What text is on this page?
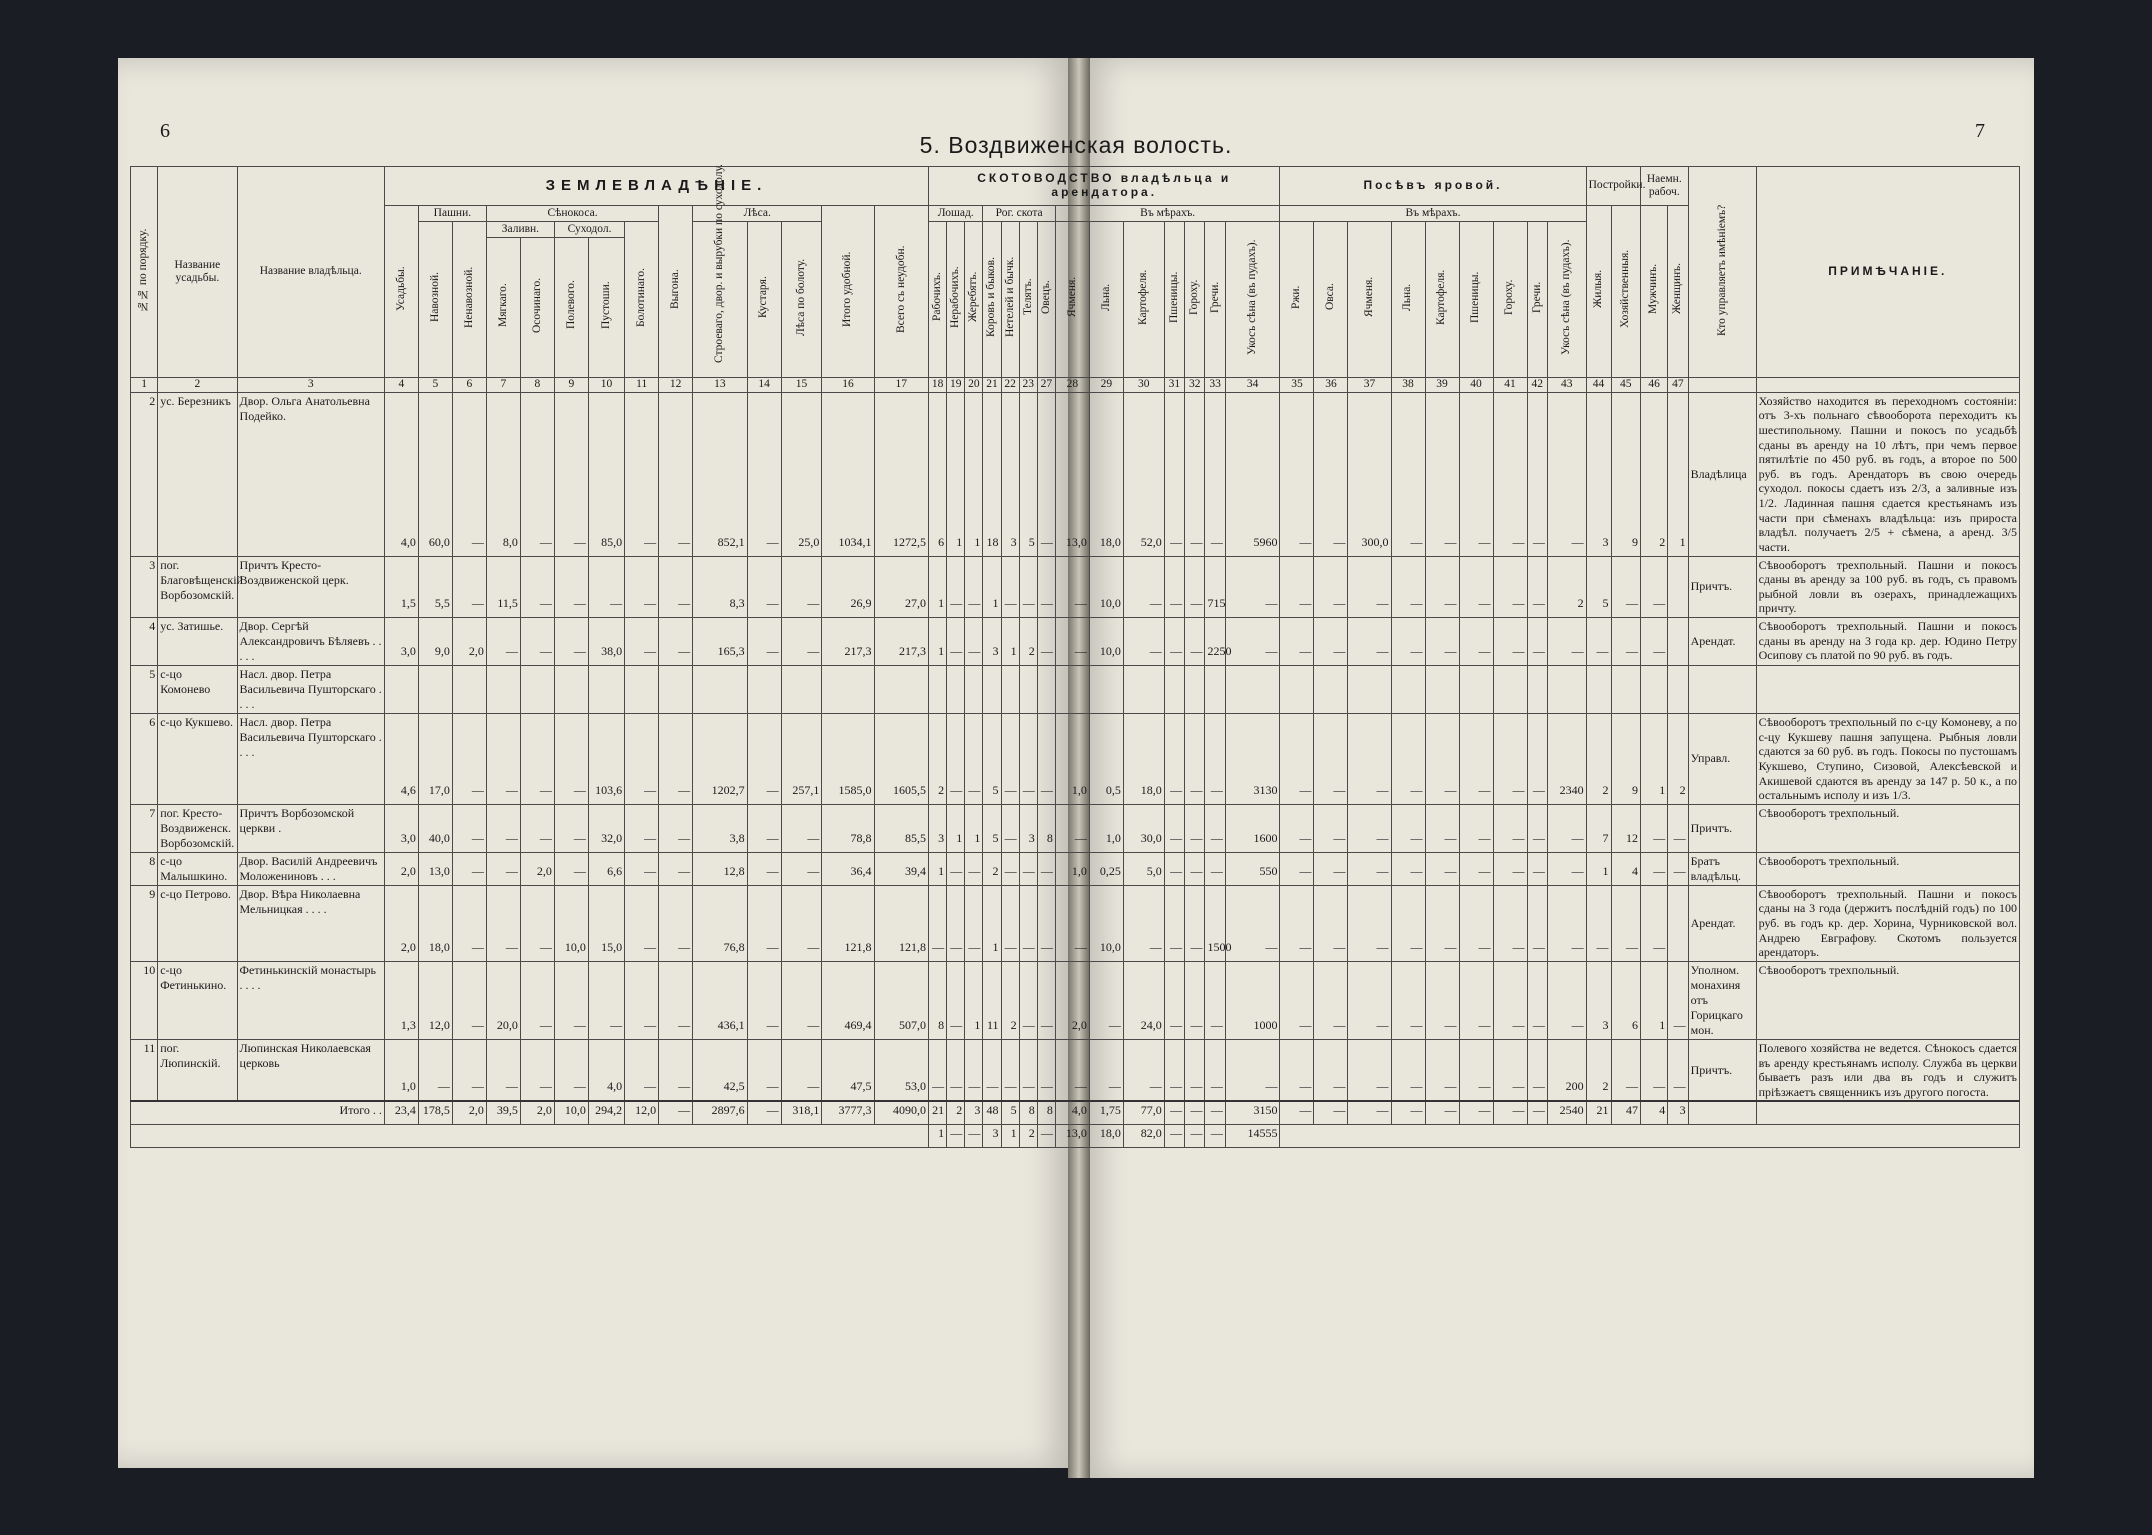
6	7
5. Воздвиженская волость.
№№ по порядку.	Название усадьбы.	Название владѣльца.	ЗЕМЛЕВЛАДѢНІЕ.														СКОТОВОДСТВО владѣльца и арендатора.														Посѣвъ яровой.									Постройки.		Наемн. рабоч.		Кто управляетъ имѣніемъ?	ПРИМѢЧАНІЕ.
			Усадьбы.	Пашни.		Сѣнокоса.					Выгона.	Лѣса.			Итого удобной.	Всего съ неудобн.	Лошад.			Рог. скота				Въ мѣрахъ.							Въ мѣрахъ.									Жилыя.	Хозяйственныя.	Мужчинъ.	Женщинъ.		
				Навозной.	Ненавозной.	Заливн.		Суходол.		Болотинаго.		Строеваго, двор. и вырубки по суходолу.	Кустаря.	Лѣса по болоту.			Рабочихъ.	Нерабочихъ.	Жеребятъ.	Коровъ и быков.	Нетелей и бычк.	Телятъ.	Овецъ.	Ячменя.	Льна.	Картофеля.	Пшеницы.	Гороху.	Гречи.	Укосъ сѣна (въ пудахъ).	Ржи.	Овса.	Ячменя.	Льна.	Картофеля.	Пшеницы.	Гороху.	Гречи.	Укосъ сѣна (въ пудахъ).						
						Мягкаго.	Осочинаго.	Полевого.	Пустоши.																																				
1	2	3	4	5	6	7	8	9	10	11	12	13	14	15	16	17	18	19	20	21	22	23	27	28	29	30	31	32	33	34	35	36	37	38	39	40	41	42	43	44	45	46	47		
2	ус. Березникъ	Двор. Ольга Анатольевна Подейко.	4,0	60,0	—	8,0	—	—	85,0	—	—	852,1	—	25,0	1034,1	1272,5	6	1	1	18	3	5	—	13,0	18,0	52,0	—	—	—	5960	—	—	300,0	—	—	—	—	—	—	3	9	2	1	Владѣлица	Хозяйство находится въ переходномъ состояніи: отъ 3-хъ польнаго сѣвооборота переходитъ къ шестипольному. Пашни и покосъ по усадьбѣ сданы въ аренду на 10 лѣтъ, при чемъ первое пятилѣтіе по 450 руб. въ годъ, а второе по 500 руб. въ годъ. Арендаторъ въ свою очередь суходол. покосы сдаетъ изъ 2/3, а заливные изъ 1/2. Ладинная пашня сдается крестьянамъ изъ части при сѣменахъ владѣльца: изъ прироста владѣл. получаетъ 2/5 + сѣмена, а аренд. 3/5 части.
3	пог. Благовѣщенскій Ворбозомскій.	Причтъ Кресто-Воздвиженской церк.	1,5	5,5	—	11,5	—	—	—	—	—	8,3	—	—	26,9	27,0	1	—	—	1	—	—	—	—	10,0	—	—	—	715	—	—	—	—	—	—	—	—	—	2	5	—	—		Причтъ.	Сѣвооборотъ трехпольный. Пашни и покосъ сданы въ аренду за 100 руб. въ годъ, съ правомъ рыбной ловли въ озерахъ, принадлежащихъ причту.
4	ус. Затишье.	Двор. Сергѣй Александровичъ Бѣляевъ . . . . .	3,0	9,0	2,0	—	—	—	38,0	—	—	165,3	—	—	217,3	217,3	1	—	—	3	1	2	—	—	10,0	—	—	—	2250	—	—	—	—	—	—	—	—	—	—	—	—	—		Арендат.	Сѣвооборотъ трехпольный. Пашни и покосъ сданы въ аренду на 3 года кр. дер. Юдино Петру Осипову съ платой по 90 руб. въ годъ.
5	с-цо Комонево	Насл. двор. Петра Васильевича Пушторскаго . . . .																																											
6	с-цо Кукшево.	Насл. двор. Петра Васильевича Пушторскаго . . . .	4,6	17,0	—	—	—	—	103,6	—	—	1202,7	—	257,1	1585,0	1605,5	2	—	—	5	—	—	—	1,0	0,5	18,0	—	—	—	3130	—	—	—	—	—	—	—	—	2340	2	9	1	2	Управл.	Сѣвооборотъ трехпольный по с-цу Комоневу, а по с-цу Кукшеву пашня запущена. Рыбныя ловли сдаются за 60 руб. въ годъ. Покосы по пустошамъ Кукшево, Ступино, Сизовой, Алексѣевской и Акишевой сдаются въ аренду за 147 р. 50 к., а по остальнымъ исполу и изъ 1/3.
7	пог. Кресто-Воздвиженск. Ворбозомскій.	Причтъ Ворбозомской церкви .	3,0	40,0	—	—	—	—	32,0	—	—	3,8	—	—	78,8	85,5	3	1	1	5	—	3	8	—	1,0	30,0	—	—	—	1600	—	—	—	—	—	—	—	—	—	7	12	—	—	Причтъ.	Сѣвооборотъ трехпольный.
8	с-цо Малышкино.	Двор. Василій Андреевичъ Моложениновъ . . .	2,0	13,0	—	—	2,0	—	6,6	—	—	12,8	—	—	36,4	39,4	1	—	—	2	—	—	—	1,0	0,25	5,0	—	—	—	550	—	—	—	—	—	—	—	—	—	1	4	—	—	Братъ владѣльц.	Сѣвооборотъ трехпольный.
9	с-цо Петрово.	Двор. Вѣра Николаевна Мельницкая . . . .	2,0	18,0	—	—	—	10,0	15,0	—	—	76,8	—	—	121,8	121,8	—	—	—	1	—	—	—	—	10,0	—	—	—	1500	—	—	—	—	—	—	—	—	—	—	—	—	—		Арендат.	Сѣвооборотъ трехпольный. Пашни и покосъ сданы на 3 года (держитъ послѣдній годъ) по 100 руб. въ годъ кр. дер. Хорина, Чурниковской вол. Андрею Евграфову. Скотомъ пользуется арендаторъ.
10	с-цо Фетинькино.	Фетинькинскій монастырь . . . .	1,3	12,0	—	20,0	—	—	—	—	—	436,1	—	—	469,4	507,0	8	—	1	11	2	—	—	2,0	—	24,0	—	—	—	1000	—	—	—	—	—	—	—	—	—	3	6	1	—	Уполном. монахиня отъ Горицкаго мон.	Сѣвооборотъ трехпольный.
11	пог. Люпинскій.	Люпинская Николаевская церковь	1,0	—	—	—	—	—	4,0	—	—	42,5	—	—	47,5	53,0	—	—	—	—	—	—	—	—	—	—	—	—	—	—	—	—	—	—	—	—	—	—	200	2	—	—	—	Причтъ.	Полевого хозяйства не ведется. Сѣнокосъ сдается въ аренду крестьянамъ исполу. Служба въ церкви бываетъ разъ или два въ годъ и служитъ пріѣзжаетъ священникъ изъ другого погоста.
Итого . .			23,4	178,5	2,0	39,5	2,0	10,0	294,2	12,0	—	2897,6	—	318,1	3777,3	4090,0	21	2	3	48	5	8	8	4,0	1,75	77,0	—	—	—	3150	—	—	—	—	—	—	—	—	2540	21	47	4	3		
																	1	—	—	3	1	2	—	13,0	18,0	82,0	—	—	—	14555															
